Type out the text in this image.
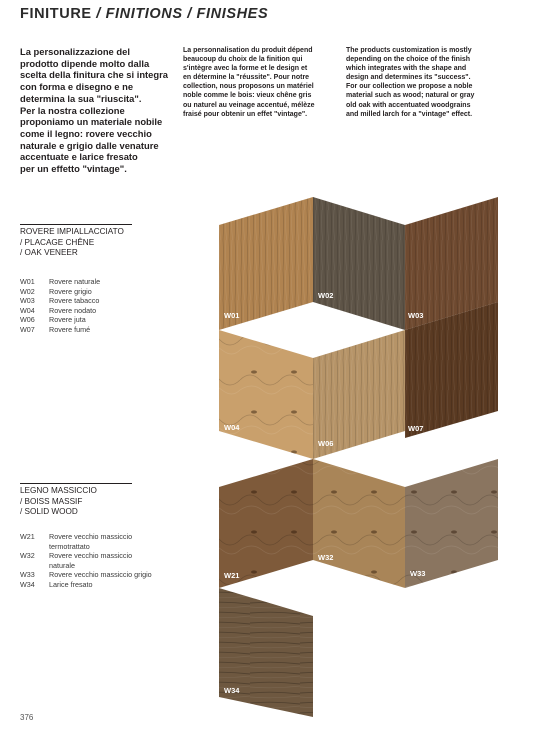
FINITURE / FINITIONS / FINISHES

La personalizzazione del

prodotto dipende molto dalla

scelta della finitura che si integra

con forma e disegno e ne

determina la sua "riuscita".

Per la nostra collezione

proponiamo un materiale nobile

come il legno: rovere vecchio

naturale e grigio dalle venature

accentuate e larice fresato

per un effetto "vintage".

La personnalisation du produit dépend

beaucoup du choix de la finition qui

s'intègre avec la forme et le design et

en détermine la "réussite". Pour notre

collection, nous proposons un matériel

noble comme le bois: vieux chêne gris

ou naturel au veinage accentué, mélèze

fraisé pour obtenir un effet "vintage".

The products customization is mostly

depending on the choice of the finish

which integrates with the shape and

design and determines its "success".

For our collection we propose a noble

material such as wood; natural or gray

old oak with accentuated woodgrains

and milled larch for a "vintage" effect.

ROVERE IMPIALLACCIATO
/ PLACAGE CHÊNE
/ OAK VENEER
W01	Rovere naturale
W02	Rovere grigio
W03	Rovere tabacco
W04	Rovere nodato
W06	Rovere juta
W07	Rovere fumé
LEGNO MASSICCIO
/ BOISS MASSIF
/ SOLID WOOD
W21	Rovere vecchio massiccio termotrattato
W32	Rovere vecchio massiccio naturale
W33	Rovere vecchio massiccio grigio
W34	Larice fresato
W01
W02
W03
W04
W06
W07
W21
W32
W33
W34
376
